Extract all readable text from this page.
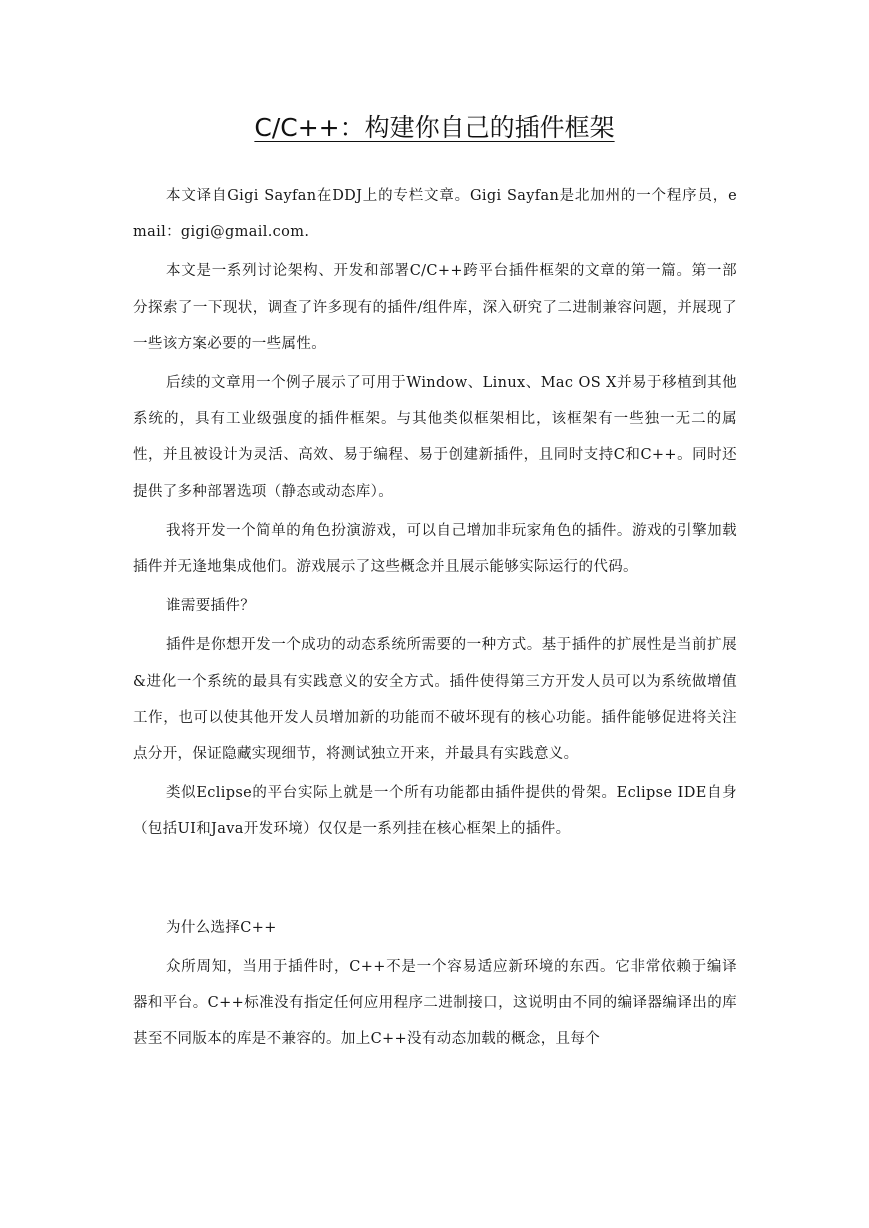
C/C++：构建你自己的插件框架

本文译自Gigi Sayfan在DDJ上的专栏文章。Gigi Sayfan是北加州的一个程序员，email：gigi@gmail.com.

本文是一系列讨论架构、开发和部署C/C++跨平台插件框架的文章的第一篇。第一部分探索了一下现状，调查了许多现有的插件/组件库，深入研究了二进制兼容问题，并展现了一些该方案必要的一些属性。

后续的文章用一个例子展示了可用于Window、Linux、Mac OS X并易于移植到其他系统的，具有工业级强度的插件框架。与其他类似框架相比，该框架有一些独一无二的属性，并且被设计为灵活、高效、易于编程、易于创建新插件，且同时支持C和C++。同时还提供了多种部署选项（静态或动态库）。

我将开发一个简单的角色扮演游戏，可以自己增加非玩家角色的插件。游戏的引擎加载插件并无逢地集成他们。游戏展示了这些概念并且展示能够实际运行的代码。

谁需要插件？

插件是你想开发一个成功的动态系统所需要的一种方式。基于插件的扩展性是当前扩展&进化一个系统的最具有实践意义的安全方式。插件使得第三方开发人员可以为系统做增值工作，也可以使其他开发人员增加新的功能而不破坏现有的核心功能。插件能够促进将关注点分开，保证隐藏实现细节，将测试独立开来，并最具有实践意义。

类似Eclipse的平台实际上就是一个所有功能都由插件提供的骨架。Eclipse IDE自身（包括UI和Java开发环境）仅仅是一系列挂在核心框架上的插件。

为什么选择C++

众所周知，当用于插件时，C++不是一个容易适应新环境的东西。它非常依赖于编译器和平台。C++标准没有指定任何应用程序二进制接口，这说明由不同的编译器编译出的库甚至不同版本的库是不兼容的。加上C++没有动态加载的概念，且每个
